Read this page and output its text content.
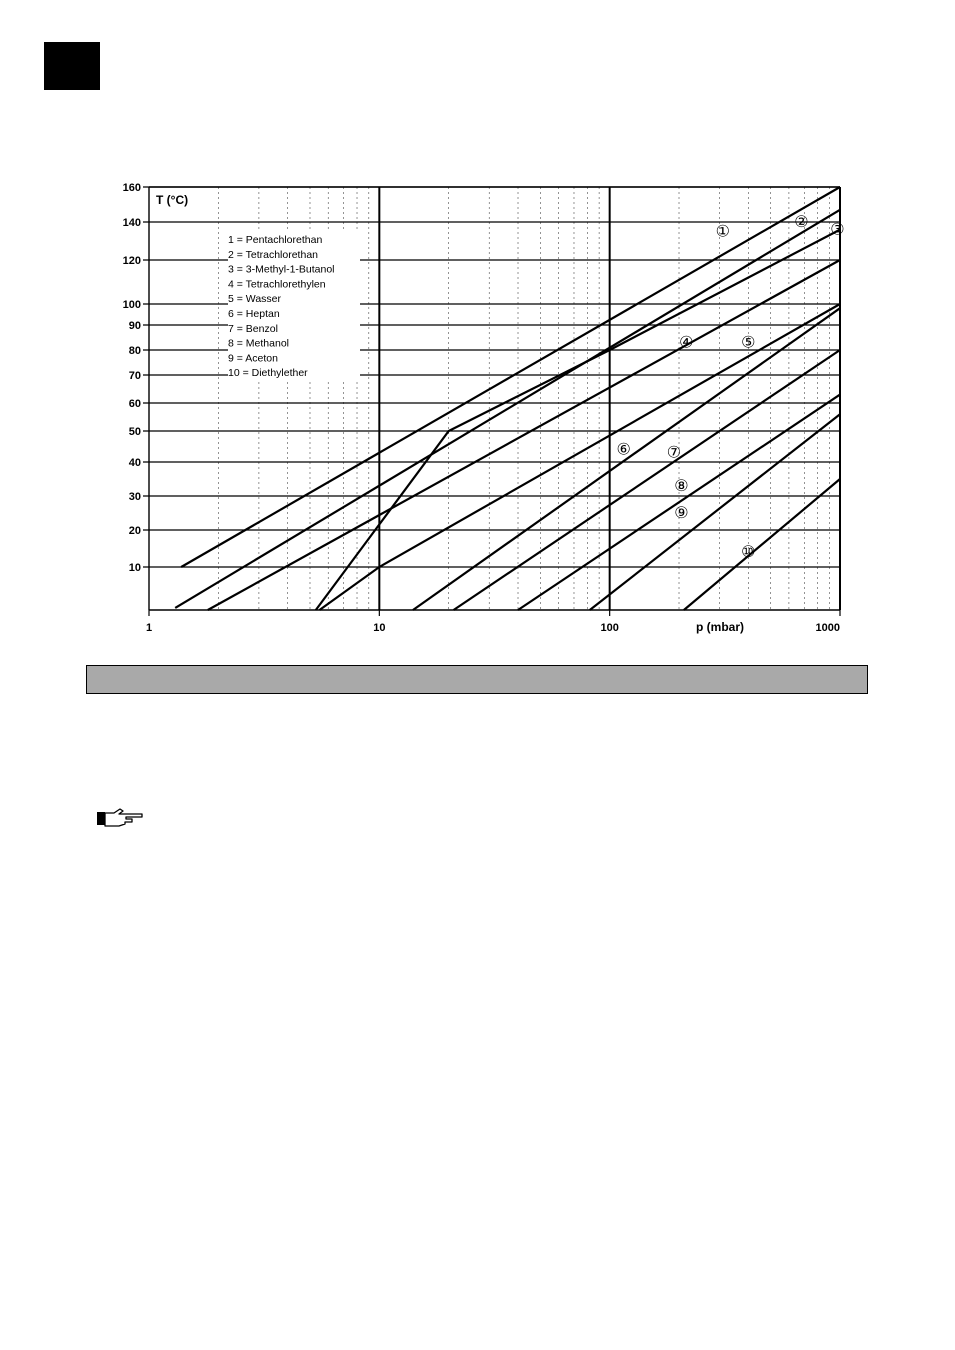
10
20
30
40
50
60
70
80
90
100
120
140
160
1	10	100	1000
1 = Pentachlorethan
2 = Tetrachlorethan
3 = 3-Methyl-1-Butanol
4 = Tetrachlorethylen
5 = Wasser
6 = Heptan
7 = Benzol
8 = Methanol
9 = Aceton
10 = Diethylether
①
② ③
④	⑤
⑥ ⑦
⑧
⑨
⑩
T (°C)
p (mbar)
